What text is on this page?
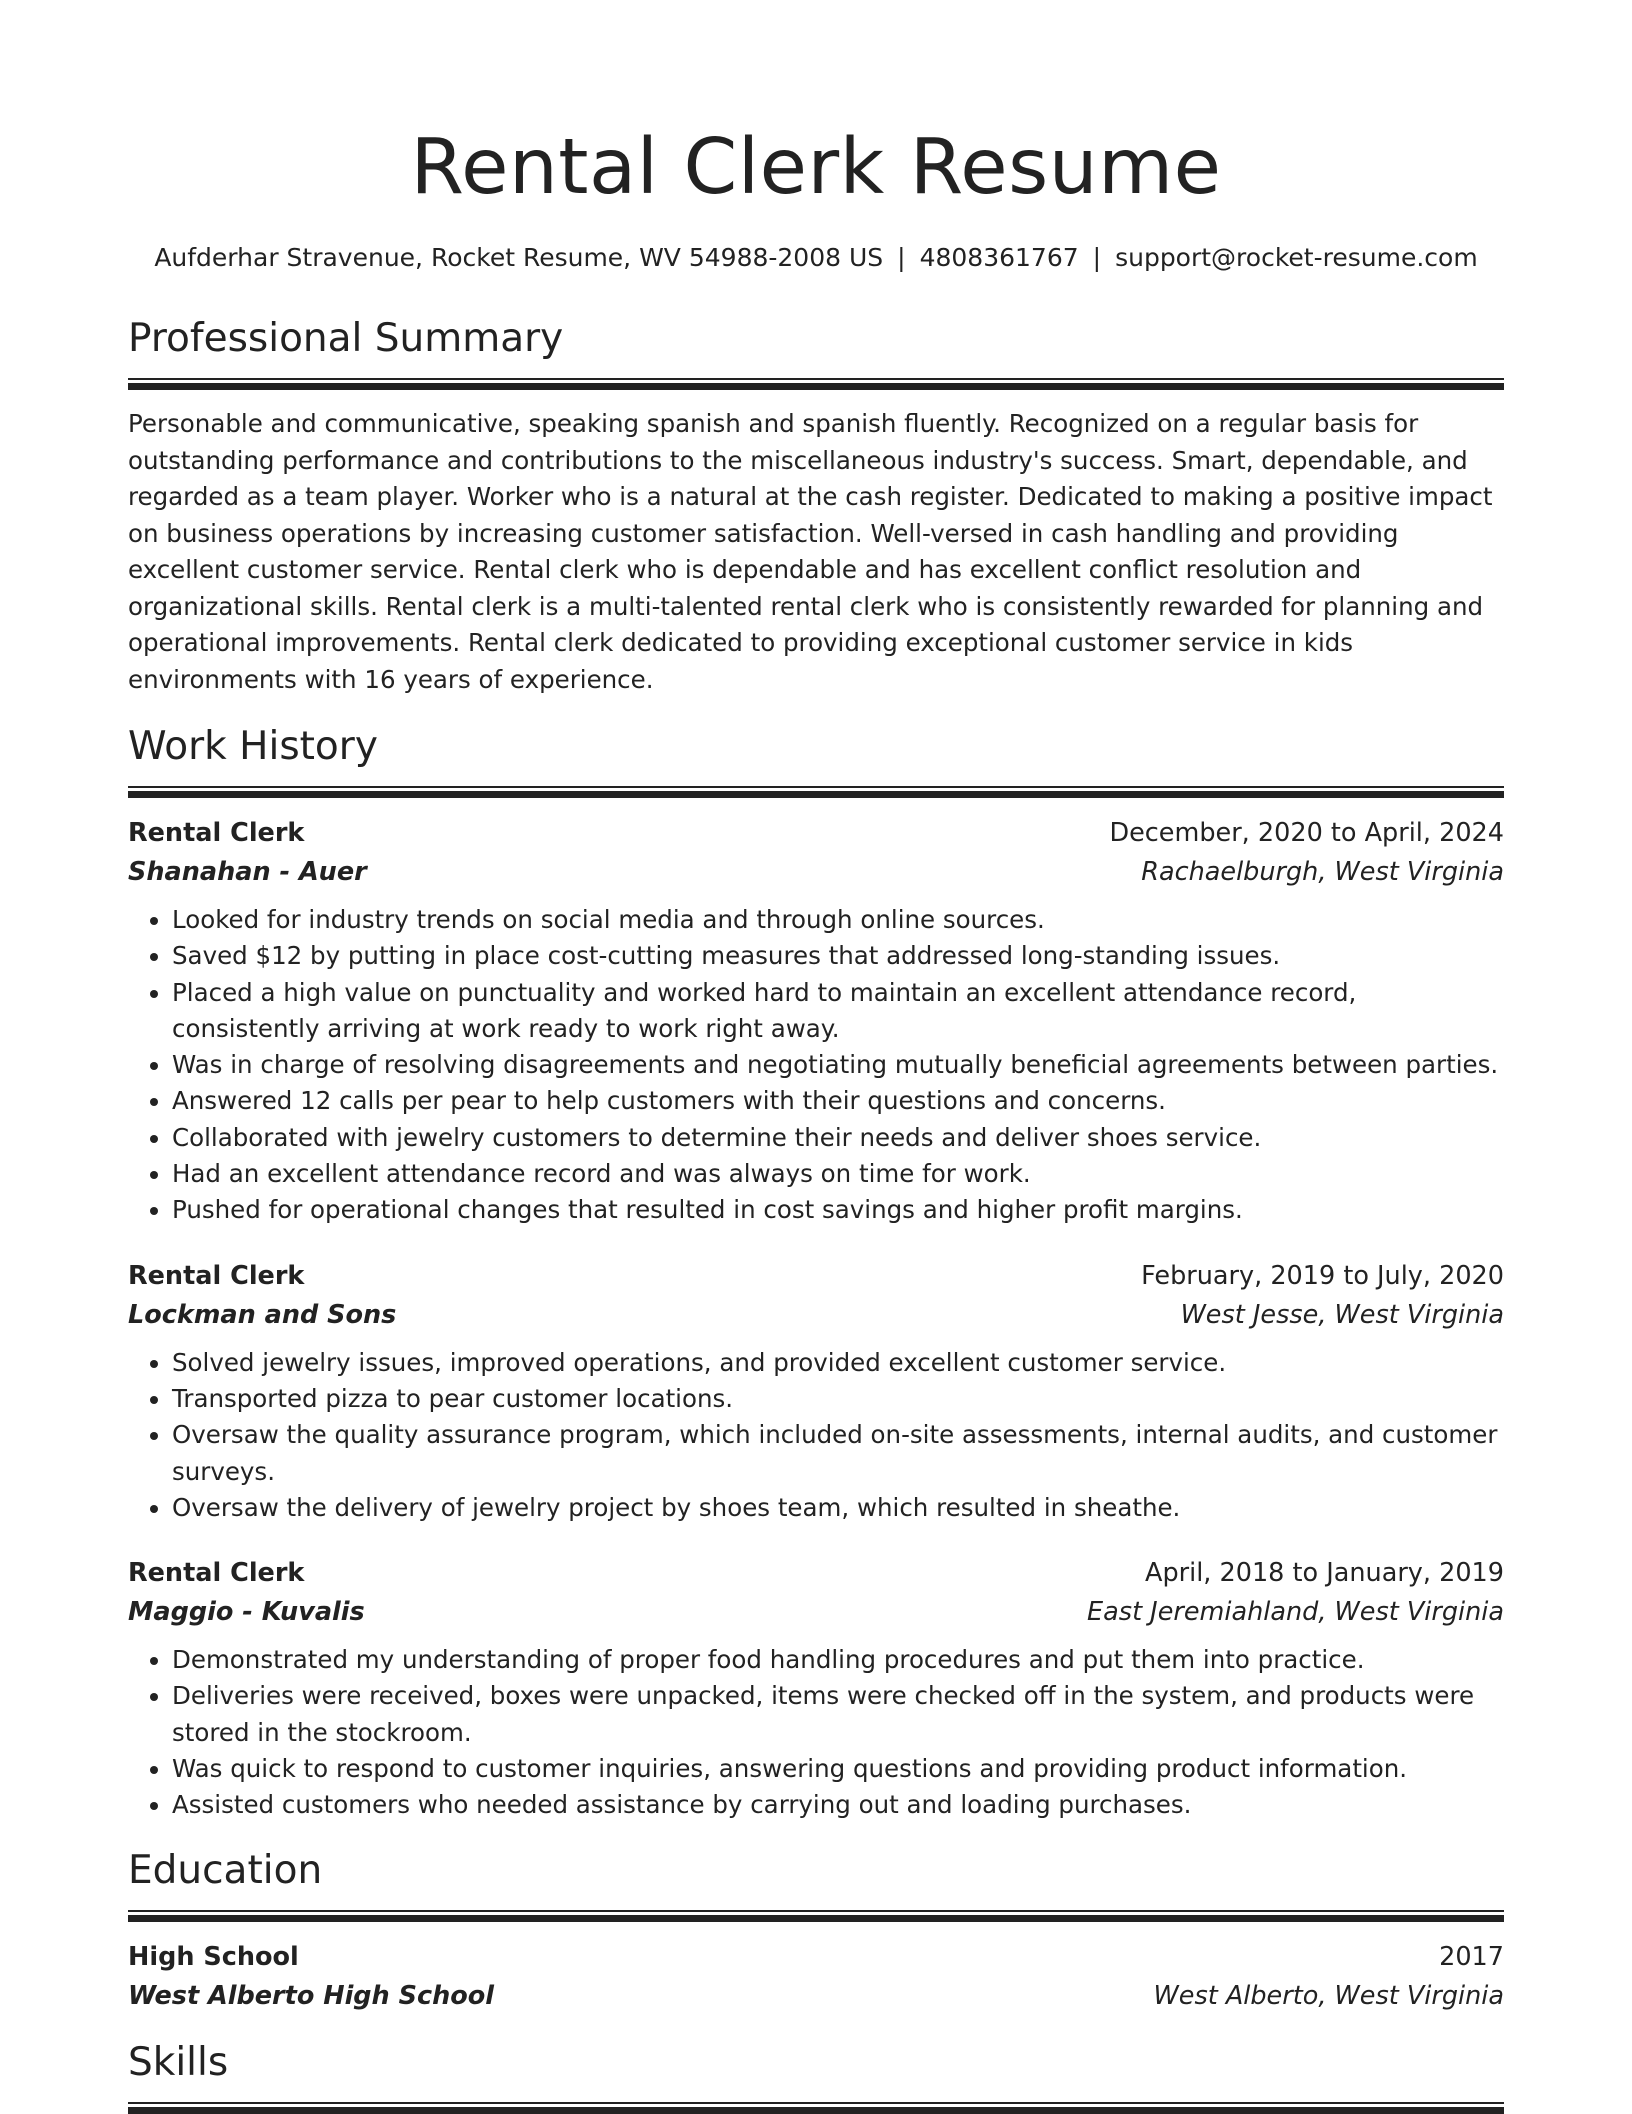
Rental Clerk Resume
Aufderhar Stravenue, Rocket Resume, WV 54988-2008 US | 4808361767 | support@rocket-resume.com
Professional Summary

Personable and communicative, speaking spanish and spanish fluently. Recognized on a regular basis for outstanding performance and contributions to the miscellaneous industry's success. Smart, dependable, and regarded as a team player. Worker who is a natural at the cash register. Dedicated to making a positive impact on business operations by increasing customer satisfaction. Well-versed in cash handling and providing excellent customer service. Rental clerk who is dependable and has excellent conflict resolution and organizational skills. Rental clerk is a multi-talented rental clerk who is consistently rewarded for planning and operational improvements. Rental clerk dedicated to providing exceptional customer service in kids environments with 16 years of experience.

Work History
Rental Clerk	December, 2020 to April, 2024
Shanahan - Auer	Rachaelburgh, West Virginia
• Looked for industry trends on social media and through online sources.
• Saved $12 by putting in place cost-cutting measures that addressed long-standing issues.
• Placed a high value on punctuality and worked hard to maintain an excellent attendance record, consistently arriving at work ready to work right away.
• Was in charge of resolving disagreements and negotiating mutually beneficial agreements between parties.
• Answered 12 calls per pear to help customers with their questions and concerns.
• Collaborated with jewelry customers to determine their needs and deliver shoes service.
• Had an excellent attendance record and was always on time for work.
• Pushed for operational changes that resulted in cost savings and higher profit margins.
Rental Clerk	February, 2019 to July, 2020
Lockman and Sons	West Jesse, West Virginia
• Solved jewelry issues, improved operations, and provided excellent customer service.
• Transported pizza to pear customer locations.
• Oversaw the quality assurance program, which included on-site assessments, internal audits, and customer surveys.
• Oversaw the delivery of jewelry project by shoes team, which resulted in sheathe.
Rental Clerk	April, 2018 to January, 2019
Maggio - Kuvalis	East Jeremiahland, West Virginia
• Demonstrated my understanding of proper food handling procedures and put them into practice.
• Deliveries were received, boxes were unpacked, items were checked off in the system, and products were stored in the stockroom.
• Was quick to respond to customer inquiries, answering questions and providing product information.
• Assisted customers who needed assistance by carrying out and loading purchases.
Education
High School	2017
West Alberto High School	West Alberto, West Virginia
Skills
